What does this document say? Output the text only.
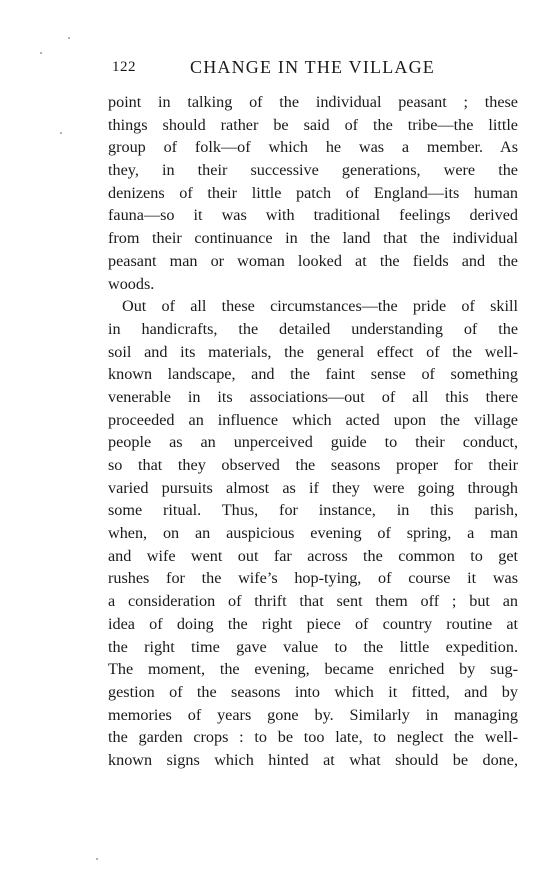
122	CHANGE IN THE VILLAGE
point in talking of the individual peasant ; these
things should rather be said of the tribe—the little
group of folk—of which he was a member. As
they, in their successive generations, were the
denizens of their little patch of England—its human
fauna—so it was with traditional feelings derived
from their continuance in the land that the individual
peasant man or woman looked at the fields and the
woods.
Out of all these circumstances—the pride of skill
in handicrafts, the detailed understanding of the
soil and its materials, the general effect of the well-
known landscape, and the faint sense of something
venerable in its associations—out of all this there
proceeded an influence which acted upon the village
people as an unperceived guide to their conduct,
so that they observed the seasons proper for their
varied pursuits almost as if they were going through
some ritual. Thus, for instance, in this parish,
when, on an auspicious evening of spring, a man
and wife went out far across the common to get
rushes for the wife’s hop-tying, of course it was
a consideration of thrift that sent them off ; but an
idea of doing the right piece of country routine at
the right time gave value to the little expedition.
The moment, the evening, became enriched by sug-
gestion of the seasons into which it fitted, and by
memories of years gone by. Similarly in managing
the garden crops : to be too late, to neglect the well-
known signs which hinted at what should be done,
